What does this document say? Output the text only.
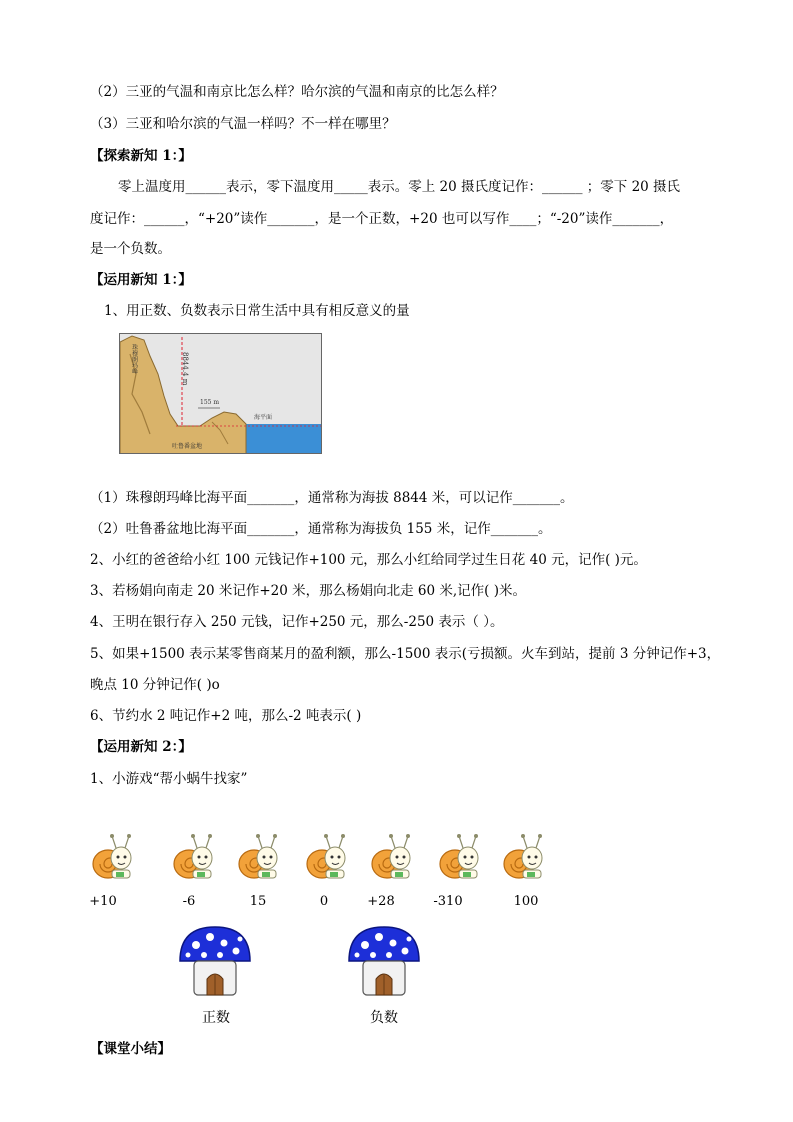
（2）三亚的气温和南京比怎么样？哈尔滨的气温和南京的比怎么样？
（3）三亚和哈尔滨的气温一样吗？不一样在哪里？
【探索新知 1：】
零上温度用______表示，零下温度用_____表示。零上 20 摄氏度记作：______ ；零下 20 摄氏
度记作：______，“+20”读作_______，是一个正数，+20 也可以写作____；“-20”读作_______，
是一个负数。
【运用新知 1：】
1、用正数、负数表示日常生活中具有相反意义的量
珠穆朗玛峰	8844.4 m
155 m
海平面
吐鲁番盆地
（1）珠穆朗玛峰比海平面_______，通常称为海拔 8844 米，可以记作_______。
（2）吐鲁番盆地比海平面_______，通常称为海拔负 155 米，记作_______。
2、小红的爸爸给小红 100 元钱记作+100 元，那么小红给同学过生日花 40 元，记作( )元。
3、若杨娟向南走 20 米记作+20 米，那么杨娟向北走 60 米,记作( )米。
4、王明在银行存入 250 元钱，记作+250 元，那么-250 表示（ ）。
5、如果+1500 表示某零售商某月的盈利额，那么-1500 表示(亏损额。火车到站，提前 3 分钟记作+3，
晚点 10 分钟记作( )o
6、节约水 2 吨记作+2 吨，那么-2 吨表示( )
【运用新知 2：】
1、小游戏“帮小蜗牛找家”
+10	-6	15	0	+28	-310	100
正数	负数
【课堂小结】
